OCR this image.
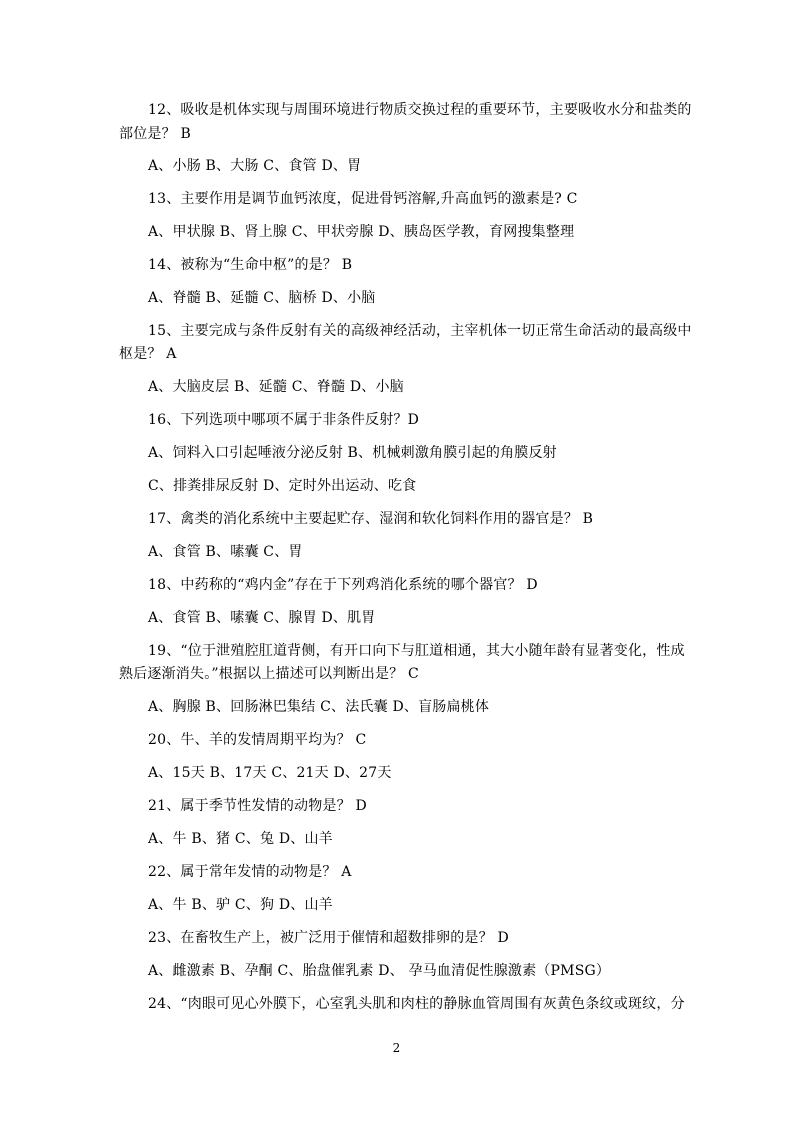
12、吸收是机体实现与周围环境进行物质交换过程的重要环节，主要吸收水分和盐类的
部位是？ B
A、小肠 B、大肠 C、食管 D、胃
13、主要作用是调节血钙浓度，促进骨钙溶解,升高血钙的激素是? C
A、甲状腺 B、肾上腺 C、甲状旁腺 D、胰岛医学教，育网搜集整理
14、被称为“生命中枢”的是？ B
A、脊髓 B、延髓 C、脑桥 D、小脑
15、主要完成与条件反射有关的高级神经活动，主宰机体一切正常生命活动的最高级中
枢是？ A
A、大脑皮层 B、延髓 C、脊髓 D、小脑
16、下列选项中哪项不属于非条件反射？D
A、饲料入口引起唾液分泌反射 B、机械刺激角膜引起的角膜反射
C、排粪排尿反射 D、定时外出运动、吃食
17、禽类的消化系统中主要起贮存、湿润和软化饲料作用的器官是？ B
A、食管 B、嗉囊 C、胃
18、中药称的“鸡内金”存在于下列鸡消化系统的哪个器官？ D
A、食管 B、嗉囊 C、腺胃 D、肌胃
19、“位于泄殖腔肛道背侧，有开口向下与肛道相通，其大小随年龄有显著变化，性成
熟后逐渐消失。”根据以上描述可以判断出是？ C
A、胸腺 B、回肠淋巴集结 C、法氏囊 D、盲肠扁桃体
20、牛、羊的发情周期平均为？ C
A、15天 B、17天 C、21天 D、27天
21、属于季节性发情的动物是？ D
A、牛 B、猪 C、兔 D、山羊
22、属于常年发情的动物是？ A
A、牛 B、驴 C、狗 D、山羊
23、在畜牧生产上，被广泛用于催情和超数排卵的是？ D
A、雌激素 B、孕酮 C、胎盘催乳素 D、 孕马血清促性腺激素（PMSG）
24、“肉眼可见心外膜下，心室乳头肌和肉柱的静脉血管周围有灰黄色条纹或斑纹，分
2
